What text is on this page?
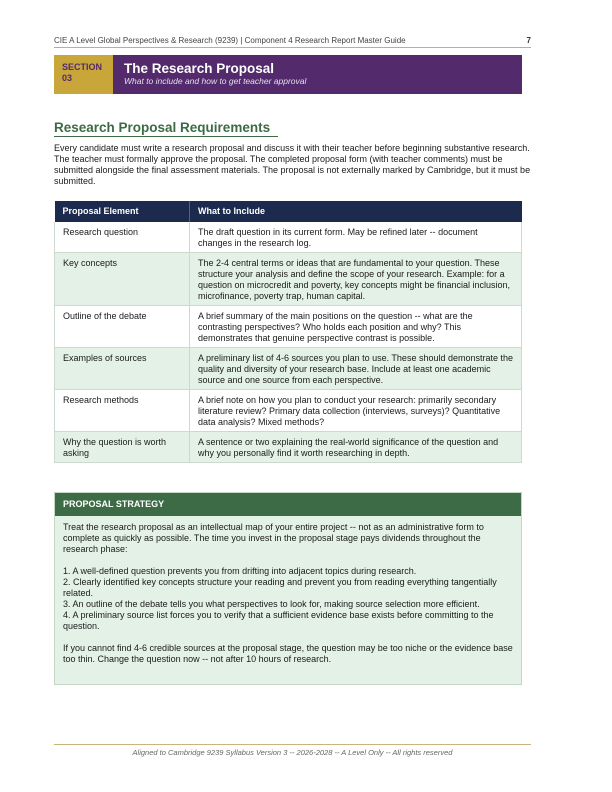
CIE A Level Global Perspectives & Research (9239) | Component 4 Research Report Master Guide	7
SECTION
03
The Research Proposal
What to include and how to get teacher approval
Research Proposal Requirements

Every candidate must write a research proposal and discuss it with their teacher before beginning substantive research. The teacher must formally approve the proposal. The completed proposal form (with teacher comments) must be submitted alongside the final assessment materials. The proposal is not externally marked by Cambridge, but it must be submitted.

Proposal Element	What to Include
Research question	The draft question in its current form. May be refined later -- document changes in the research log.
Key concepts	The 2-4 central terms or ideas that are fundamental to your question. These structure your analysis and define the scope of your research. Example: for a question on microcredit and poverty, key concepts might be financial inclusion, microfinance, poverty trap, human capital.
Outline of the debate	A brief summary of the main positions on the question -- what are the contrasting perspectives? Who holds each position and why? This demonstrates that genuine perspective contrast is possible.
Examples of sources	A preliminary list of 4-6 sources you plan to use. These should demonstrate the quality and diversity of your research base. Include at least one academic source and one source from each perspective.
Research methods	A brief note on how you plan to conduct your research: primarily secondary literature review? Primary data collection (interviews, surveys)? Quantitative data analysis? Mixed methods?
Why the question is worth asking	A sentence or two explaining the real-world significance of the question and why you personally find it worth researching in depth.
PROPOSAL STRATEGY

Treat the research proposal as an intellectual map of your entire project -- not as an administrative form to complete as quickly as possible. The time you invest in the proposal stage pays dividends throughout the research phase:

1. A well-defined question prevents you from drifting into adjacent topics during research.

2. Clearly identified key concepts structure your reading and prevent you from reading everything tangentially related.

3. An outline of the debate tells you what perspectives to look for, making source selection more efficient.

4. A preliminary source list forces you to verify that a sufficient evidence base exists before committing to the question.

If you cannot find 4-6 credible sources at the proposal stage, the question may be too niche or the evidence base too thin. Change the question now -- not after 10 hours of research.

Aligned to Cambridge 9239 Syllabus Version 3 -- 2026-2028 -- A Level Only -- All rights reserved
